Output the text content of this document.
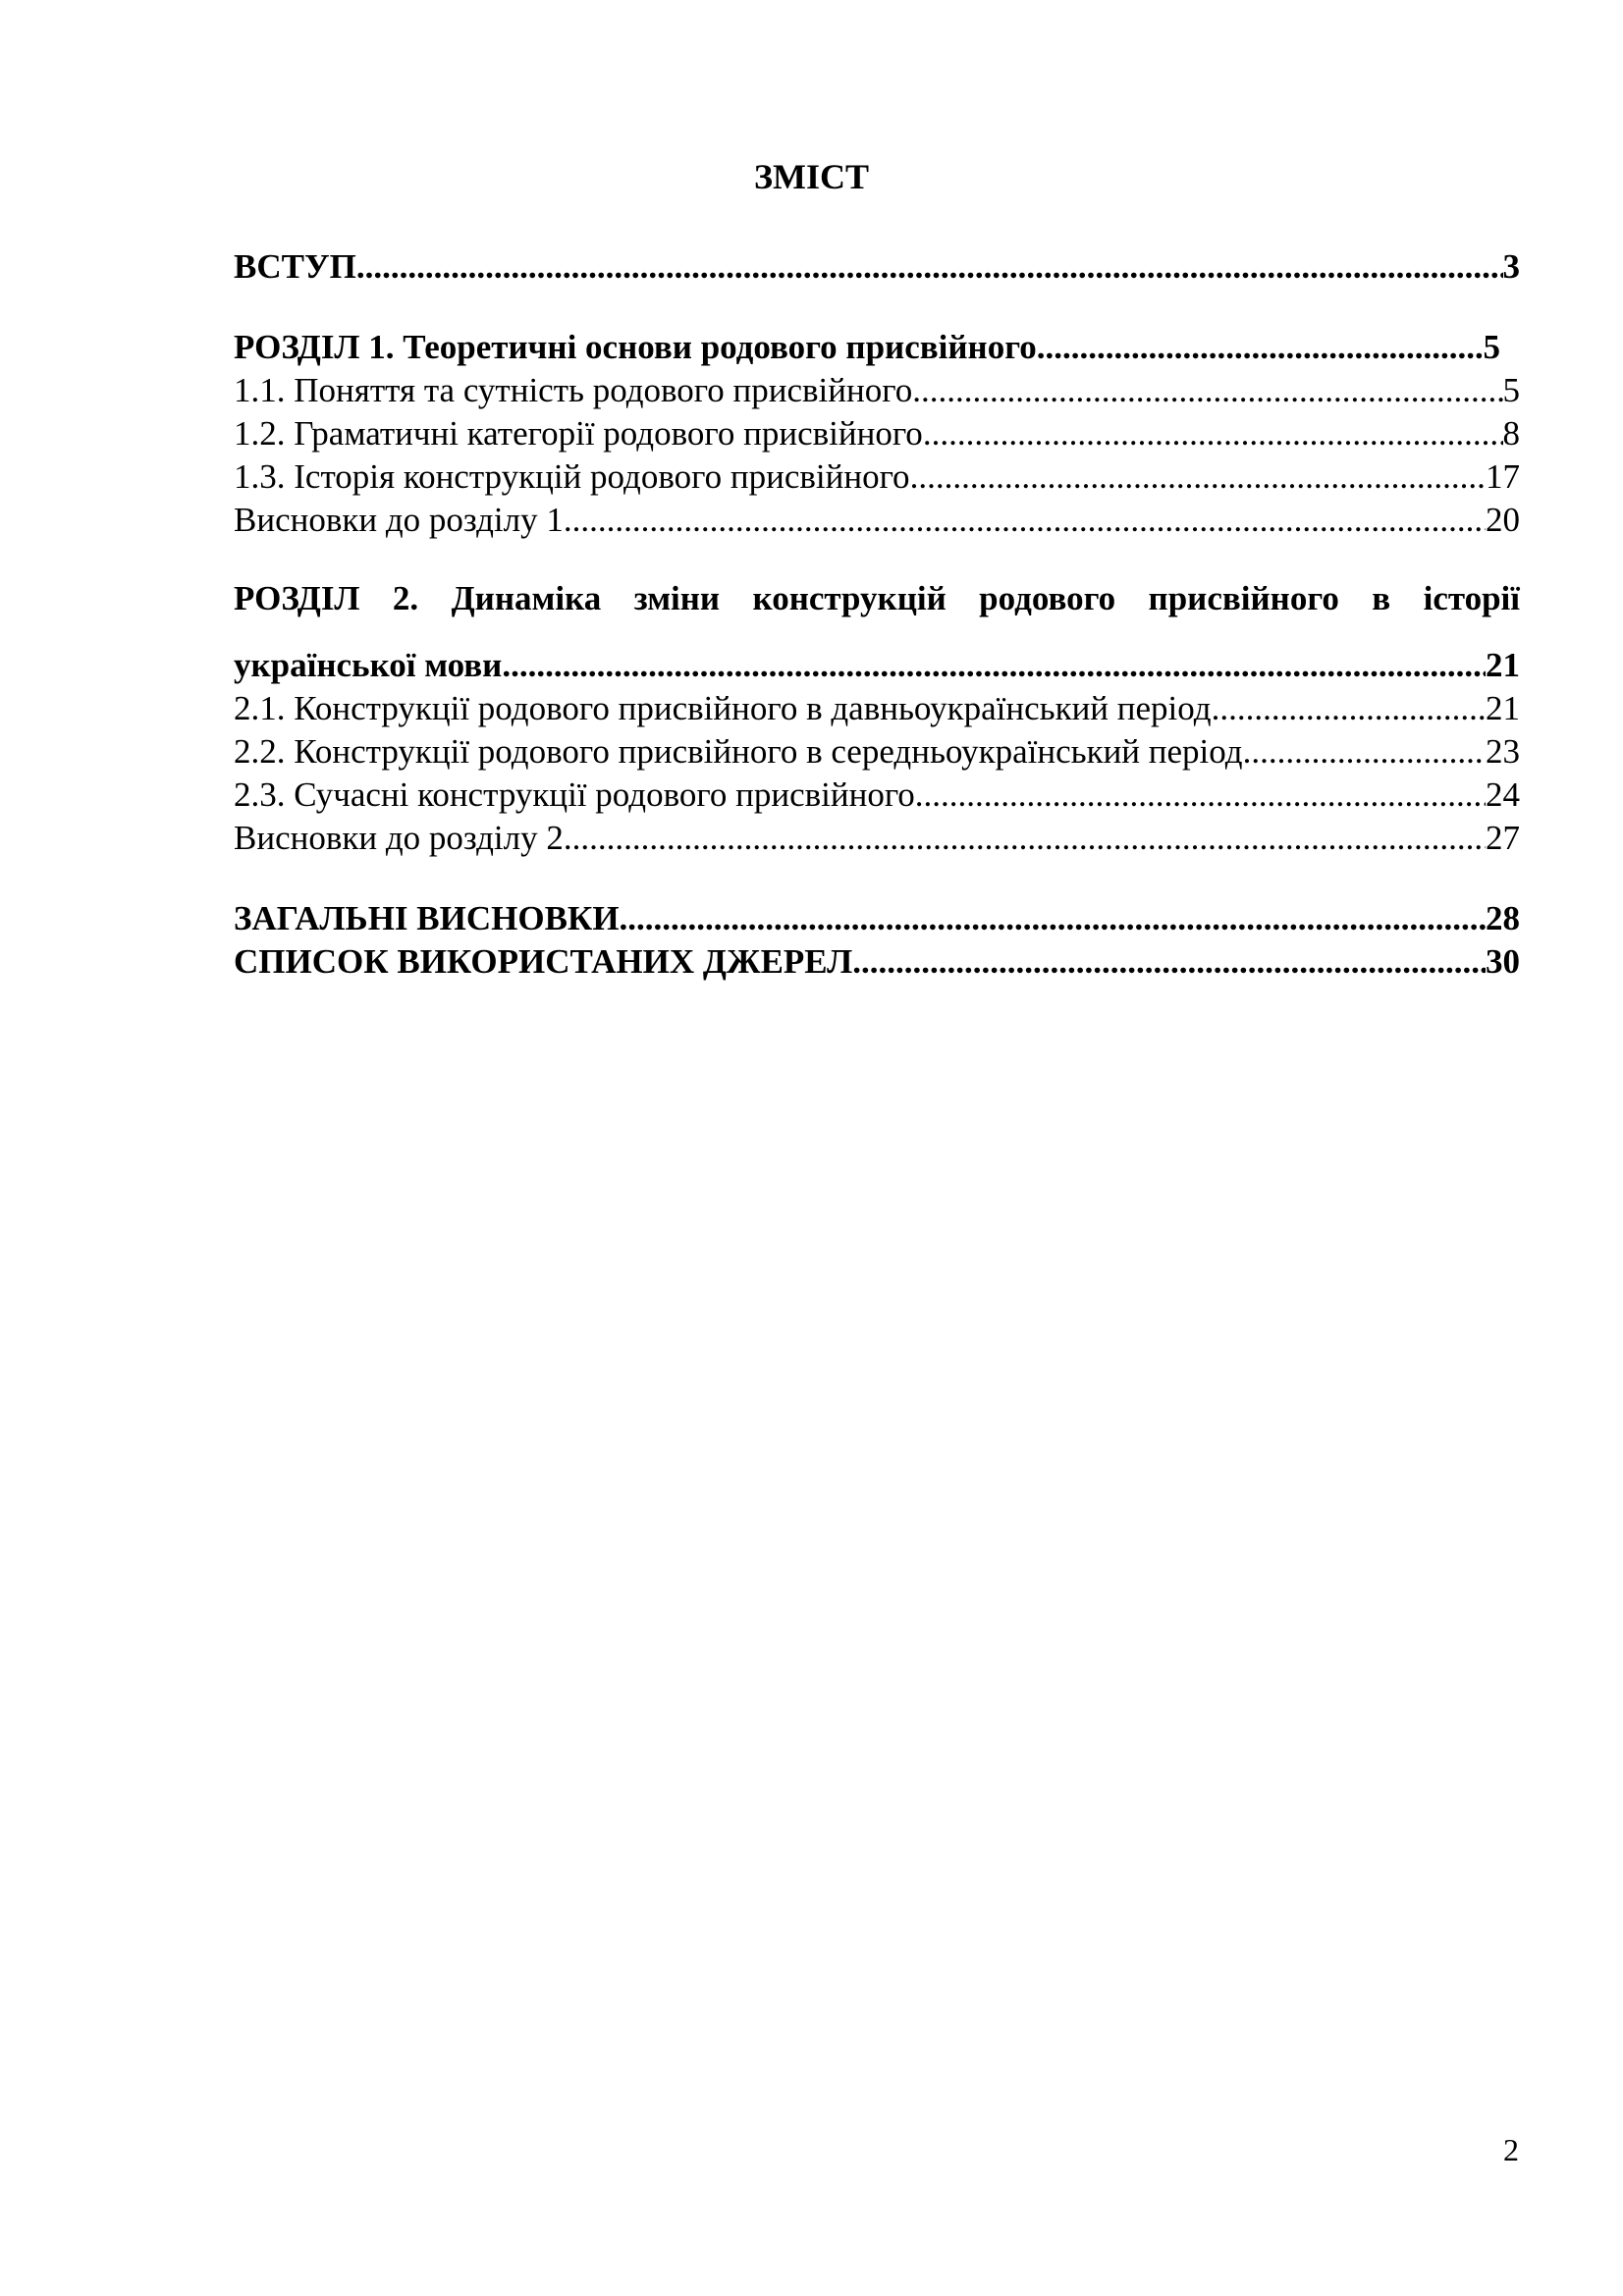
ЗМІСТ
ВСТУП .....	3
РОЗДІЛ 1. Теоретичні основи родового присвійного .....	5
1.1. Поняття та сутність родового присвійного .....	5
1.2. Граматичні категорії родового присвійного .....	8
1.3. Історія конструкцій родового присвійного .....	17
Висновки до розділу 1 .....	20
РОЗДІЛ 2. Динаміка зміни конструкцій родового присвійного в історії
української мови .....	21
2.1. Конструкції родового присвійного в давньоукраїнський період .....	21
2.2. Конструкції родового присвійного в середньоукраїнський період .....	23
2.3. Сучасні конструкції родового присвійного .....	24
Висновки до розділу 2 .....	27
ЗАГАЛЬНІ ВИСНОВКИ .....	28
СПИСОК ВИКОРИСТАНИХ ДЖЕРЕЛ .....	30
2
